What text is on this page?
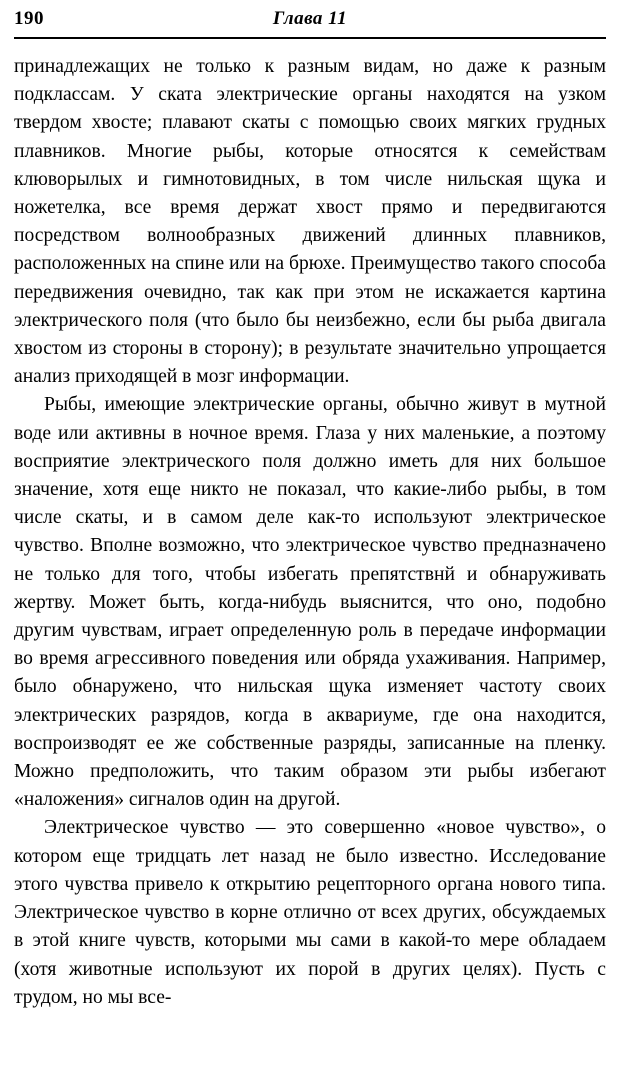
190	Глава 11

принадлежащих не только к разным видам, но даже к разным подклассам. У ската электрические органы находятся на узком твердом хвосте; плавают скаты с помощью своих мягких грудных плавников. Многие рыбы, которые относятся к семействам клюворылых и гимнотовидных, в том числе нильская щука и ножетелка, все время держат хвост прямо и передвигаются посредством волнообразных движений длинных плавников, расположенных на спине или на брюхе. Преимущество такого способа передвижения очевидно, так как при этом не искажается картина электрического поля (что было бы неизбежно, если бы рыба двигала хвостом из стороны в сторону); в результате значительно упрощается анализ приходящей в мозг информации.

Рыбы, имеющие электрические органы, обычно живут в мутной воде или активны в ночное время. Глаза у них маленькие, а поэтому восприятие электрического поля должно иметь для них большое значение, хотя еще никто не показал, что какие-либо рыбы, в том числе скаты, и в самом деле как-то используют электрическое чувство. Вполне возможно, что электрическое чувство предназначено не только для того, чтобы избегать препятствнй и обнаруживать жертву. Может быть, когда-нибудь выяснится, что оно, подобно другим чувствам, играет определенную роль в передаче информации во время агрессивного поведения или обряда ухаживания. Например, было обнаружено, что нильская щука изменяет частоту своих электрических разрядов, когда в аквариуме, где она находится, воспроизводят ее же собственные разряды, записанные на пленку. Можно предположить, что таким образом эти рыбы избегают «наложения» сигналов один на другой.

Электрическое чувство — это совершенно «новое чувство», о котором еще тридцать лет назад не было известно. Исследование этого чувства привело к открытию рецепторного органа нового типа. Электрическое чувство в корне отлично от всех других, обсуждаемых в этой книге чувств, которыми мы сами в какой-то мере обладаем (хотя животные используют их порой в других целях). Пусть с трудом, но мы все-
